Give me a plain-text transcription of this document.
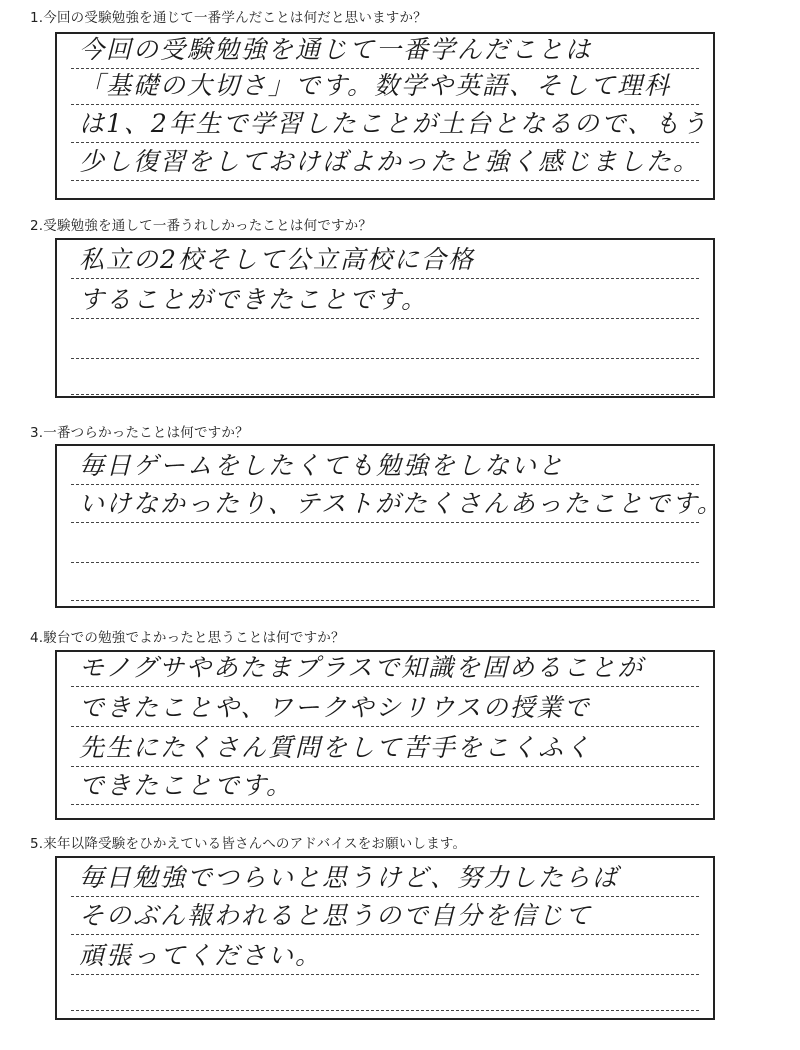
1.今回の受験勉強を通じて一番学んだことは何だと思いますか？
今回の受験勉強を通じて一番学んだことは
「基礎の大切さ」です。数学や英語、そして理科
は1、2年生で学習したことが土台となるので、もう
少し復習をしておけばよかったと強く感じました。
2.受験勉強を通して一番うれしかったことは何ですか？
私立の2校そして公立高校に合格
することができたことです。
3.一番つらかったことは何ですか？
毎日ゲームをしたくても勉強をしないと
いけなかったり、テストがたくさんあったことです。
4.駿台での勉強でよかったと思うことは何ですか？
モノグサやあたまプラスで知識を固めることが
できたことや、ワークやシリウスの授業で
先生にたくさん質問をして苦手をこくふく
できたことです。
5.来年以降受験をひかえている皆さんへのアドバイスをお願いします。
毎日勉強でつらいと思うけど、努力したらば
そのぶん報われると思うので自分を信じて
頑張ってください。
